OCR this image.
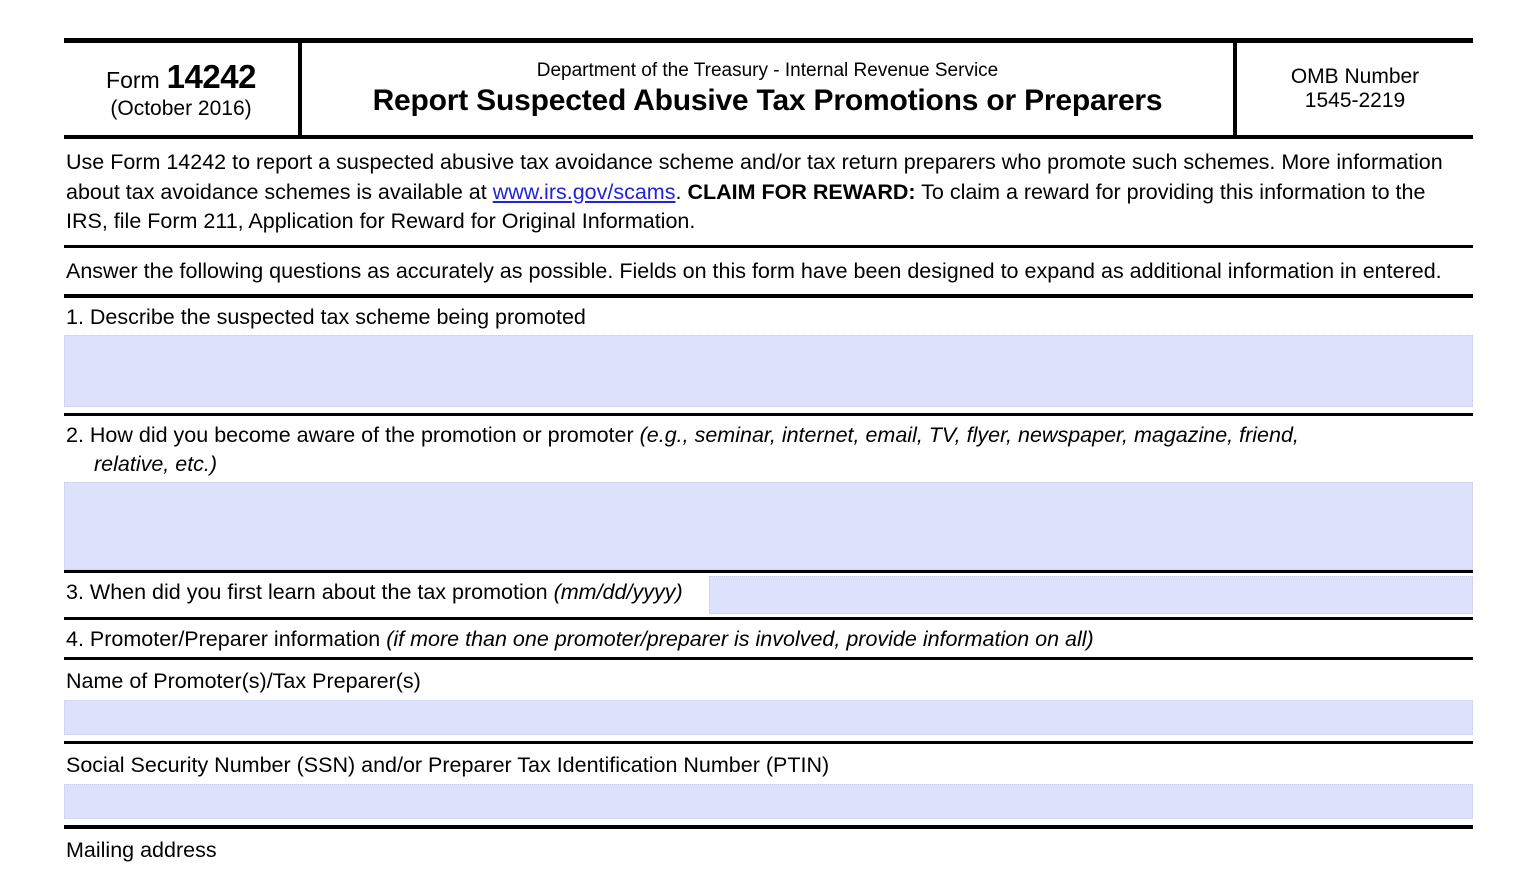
Form 14242
(October 2016)
Department of the Treasury - Internal Revenue Service
Report Suspected Abusive Tax Promotions or Preparers
OMB Number
1545-2219
Use Form 14242 to report a suspected abusive tax avoidance scheme and/or tax return preparers who promote such schemes. More information about tax avoidance schemes is available at www.irs.gov/scams. CLAIM FOR REWARD: To claim a reward for providing this information to the IRS, file Form 211, Application for Reward for Original Information.
Answer the following questions as accurately as possible. Fields on this form have been designed to expand as additional information in entered.
1. Describe the suspected tax scheme being promoted
2. How did you become aware of the promotion or promoter (e.g., seminar, internet, email, TV, flyer, newspaper, magazine, friend,
relative, etc.)
3. When did you first learn about the tax promotion (mm/dd/yyyy)
4. Promoter/Preparer information (if more than one promoter/preparer is involved, provide information on all)
Name of Promoter(s)/Tax Preparer(s)
Social Security Number (SSN) and/or Preparer Tax Identification Number (PTIN)
Mailing address
